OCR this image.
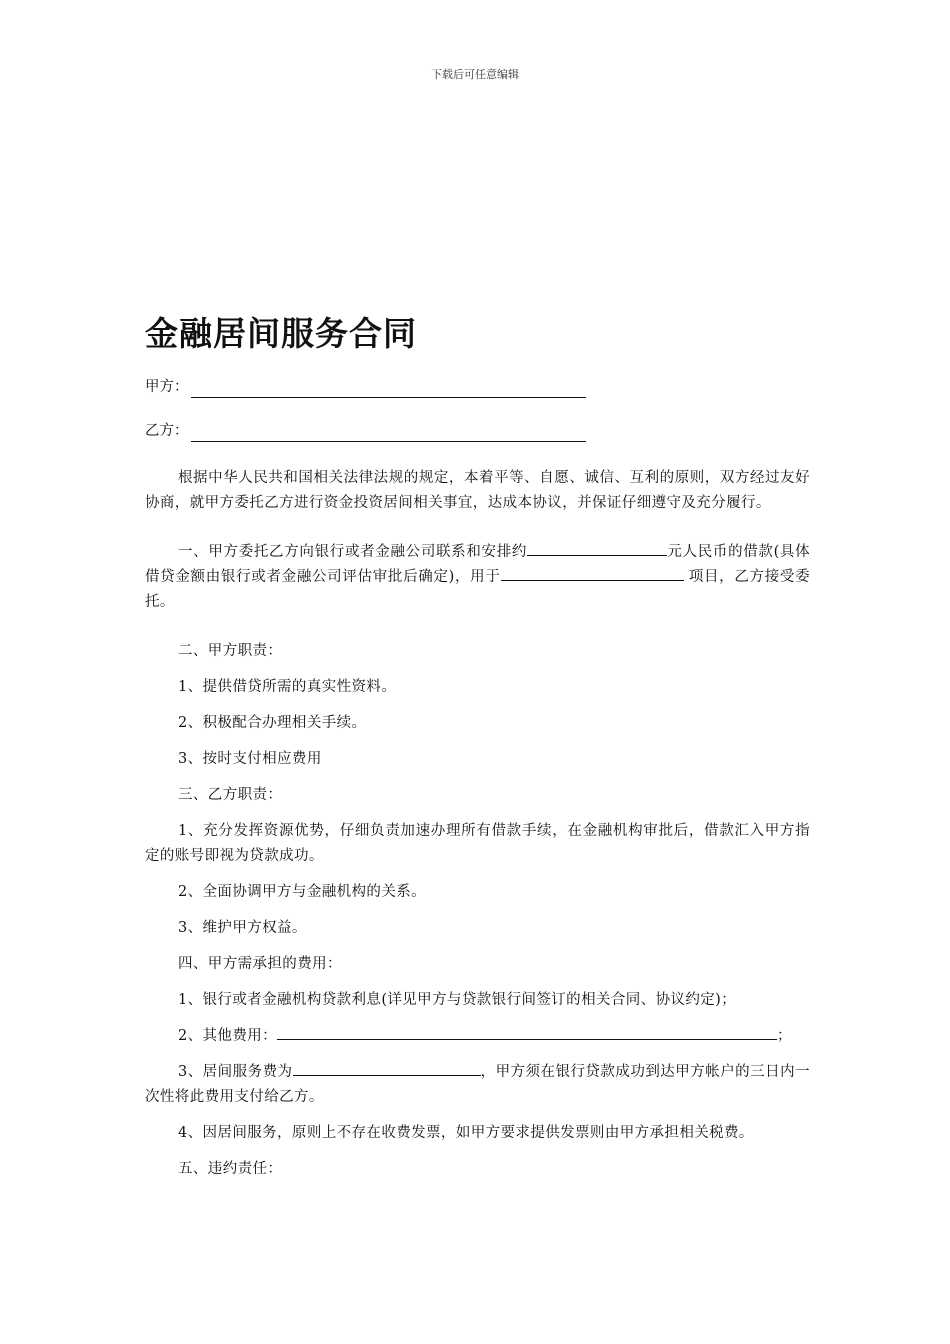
下载后可任意编辑
金融居间服务合同
甲方：
乙方：

根据中华人民共和国相关法律法规的规定，本着平等、自愿、诚信、互利的原则，双方经过友好协商，就甲方委托乙方进行资金投资居间相关事宜，达成本协议，并保证仔细遵守及充分履行。

一、甲方委托乙方向银行或者金融公司联系和安排约	元人民币的借款(具体借贷金额由银行或者金融公司评估审批后确定)，用于	项目，乙方接受委托。

二、甲方职责：

1、提供借贷所需的真实性资料。

2、积极配合办理相关手续。

3、按时支付相应费用

三、乙方职责：

1、充分发挥资源优势，仔细负责加速办理所有借款手续，在金融机构审批后，借款汇入甲方指定的账号即视为贷款成功。

2、全面协调甲方与金融机构的关系。

3、维护甲方权益。

四、甲方需承担的费用：

1、银行或者金融机构贷款利息(详见甲方与贷款银行间签订的相关合同、协议约定)；

2、其他费用：	；

3、居间服务费为	，甲方须在银行贷款成功到达甲方帐户的三日内一次性将此费用支付给乙方。

4、因居间服务，原则上不存在收费发票，如甲方要求提供发票则由甲方承担相关税费。

五、违约责任：
